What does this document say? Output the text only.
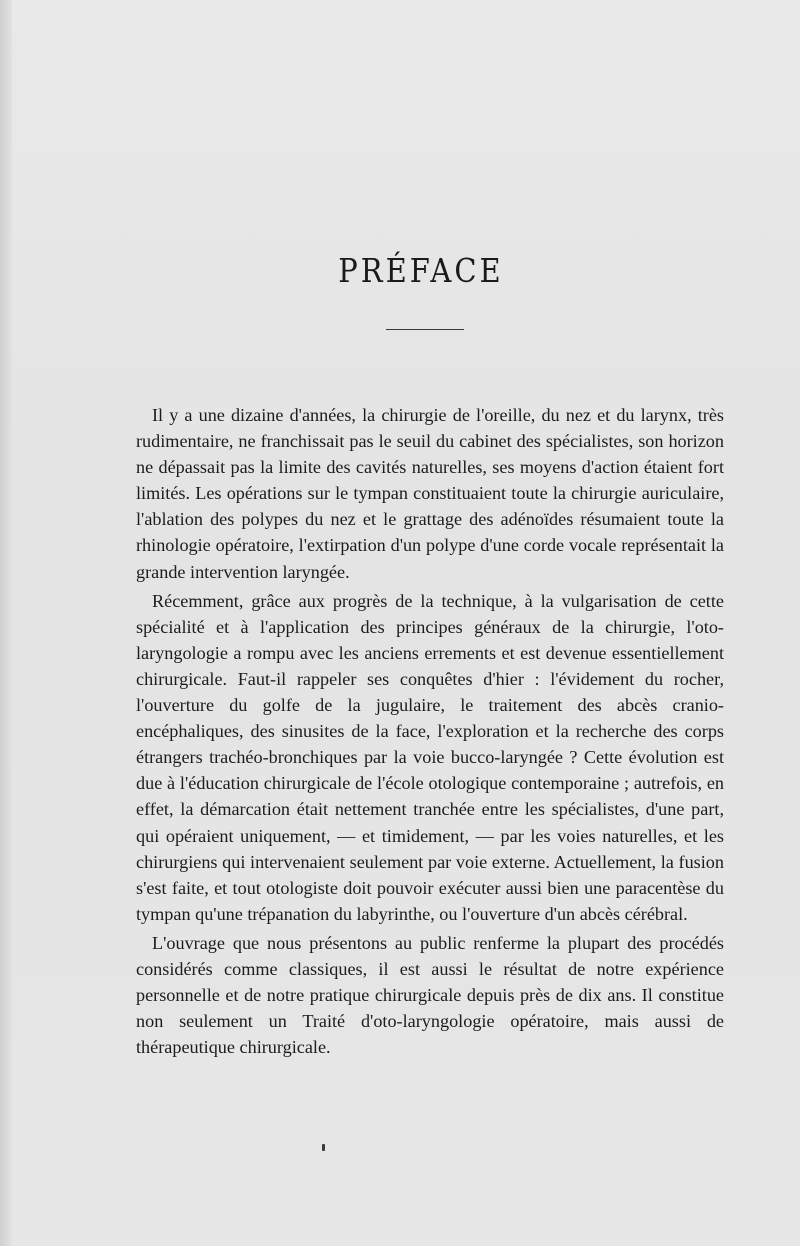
PRÉFACE

Il y a une dizaine d'années, la chirurgie de l'oreille, du nez et du larynx, très rudimentaire, ne franchissait pas le seuil du cabinet des spécialistes, son horizon ne dépassait pas la limite des cavités naturelles, ses moyens d'action étaient fort limités. Les opérations sur le tympan constituaient toute la chirurgie auriculaire, l'ablation des polypes du nez et le grattage des adénoïdes résumaient toute la rhinologie opératoire, l'extirpation d'un polype d'une corde vocale représentait la grande intervention laryngée.

Récemment, grâce aux progrès de la technique, à la vulgarisation de cette spécialité et à l'application des principes généraux de la chirurgie, l'oto-laryngologie a rompu avec les anciens errements et est devenue essentiellement chirurgicale. Faut-il rappeler ses conquêtes d'hier : l'évidement du rocher, l'ouverture du golfe de la jugulaire, le traitement des abcès cranio-encéphaliques, des sinusites de la face, l'exploration et la recherche des corps étrangers trachéo-bronchiques par la voie bucco-laryngée ? Cette évolution est due à l'éducation chirurgicale de l'école otologique contemporaine ; autrefois, en effet, la démarcation était nettement tranchée entre les spécialistes, d'une part, qui opéraient uniquement, — et timidement, — par les voies naturelles, et les chirurgiens qui intervenaient seulement par voie externe. Actuellement, la fusion s'est faite, et tout otologiste doit pouvoir exécuter aussi bien une paracentèse du tympan qu'une trépanation du labyrinthe, ou l'ouverture d'un abcès cérébral.

L'ouvrage que nous présentons au public renferme la plupart des procédés considérés comme classiques, il est aussi le résultat de notre expérience personnelle et de notre pratique chirurgicale depuis près de dix ans. Il constitue non seulement un Traité d'oto-laryngologie opératoire, mais aussi de thérapeutique chirurgicale.
